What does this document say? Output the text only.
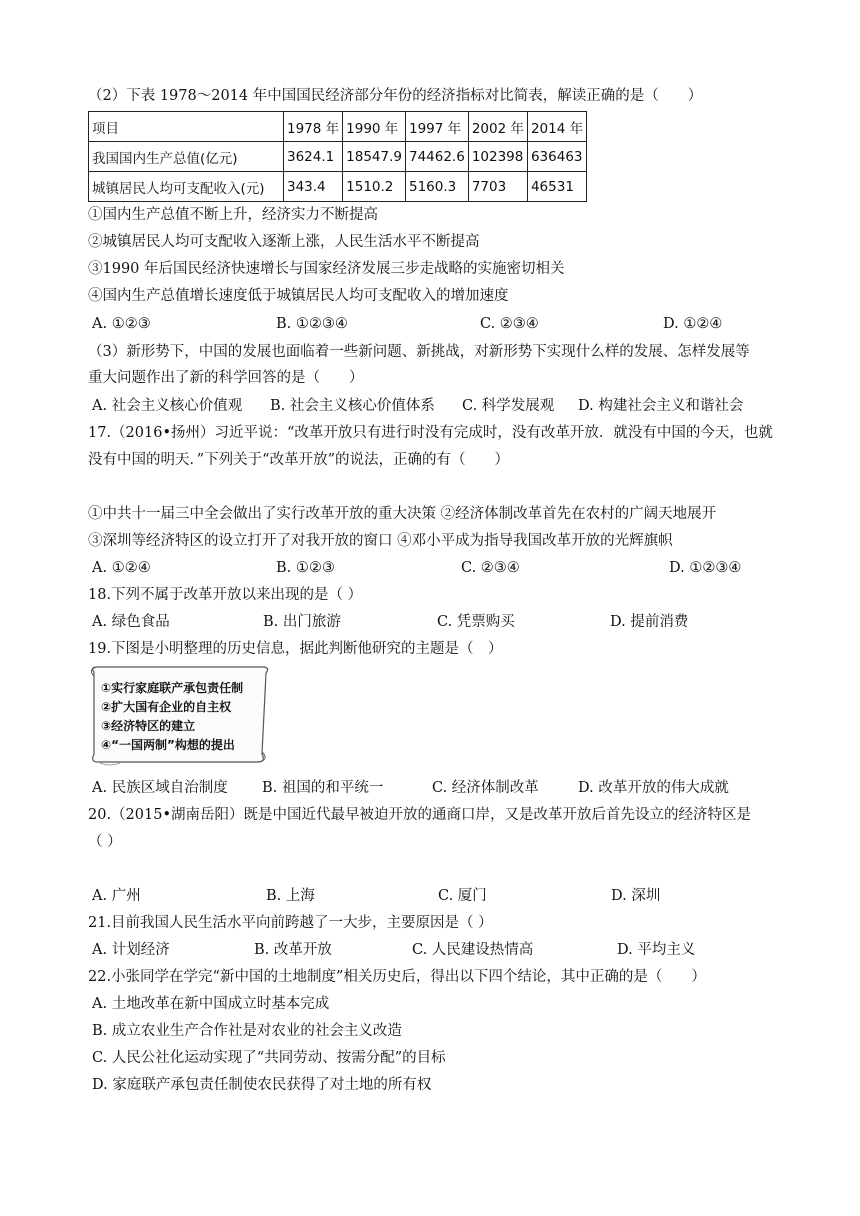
（2）下表 1978～2014 年中国国民经济部分年份的经济指标对比简表，解读正确的是（　　）
项目	1978 年	1990 年	1997 年	2002 年	2014 年
我国国内生产总值(亿元)	3624.1	18547.9	74462.6	102398	636463
城镇居民人均可支配收入(元)	343.4	1510.2	5160.3	7703	46531
①国内生产总值不断上升，经济实力不断提高
②城镇居民人均可支配收入逐渐上涨，人民生活水平不断提高
③1990 年后国民经济快速增长与国家经济发展三步走战略的实施密切相关
④国内生产总值增长速度低于城镇居民人均可支配收入的增加速度
A. ①②③	B. ①②③④	C. ②③④	D. ①②④
（3）新形势下，中国的发展也面临着一些新问题、新挑战，对新形势下实现什么样的发展、怎样发展等
重大问题作出了新的科学回答的是（　　）
A. 社会主义核心价值观 B. 社会主义核心价值体系 C. 科学发展观 D. 构建社会主义和谐社会
17.（2016•扬州）习近平说：“改革开放只有进行时没有完成时，没有改革开放．就没有中国的今天，也就
没有中国的明天．”下列关于“改革开放”的说法，正确的有（　　）
①中共十一届三中全会做出了实行改革开放的重大决策 ②经济体制改革首先在农村的广阔天地展开
③深圳等经济特区的设立打开了对我开放的窗口 ④邓小平成为指导我国改革开放的光辉旗帜
A. ①②④	B. ①②③	C. ②③④	D. ①②③④
18.下列不属于改革开放以来出现的是（ ）
A. 绿色食品	B. 出门旅游	C. 凭票购买	D. 提前消费
19.下图是小明整理的历史信息，据此判断他研究的主题是（　）
①实行家庭联产承包责任制
②扩大国有企业的自主权
③经济特区的建立
④“一国两制”构想的提出
A. 民族区域自治制度 B. 祖国的和平统一	C. 经济体制改革	D. 改革开放的伟大成就
20.（2015•湖南岳阳）既是中国近代最早被迫开放的通商口岸，又是改革开放后首先设立的经济特区是
（ ）
A. 广州	B. 上海	C. 厦门	D. 深圳
21.目前我国人民生活水平向前跨越了一大步，主要原因是（ ）
A. 计划经济	B. 改革开放	C. 人民建设热情高	D. 平均主义
22.小张同学在学完“新中国的土地制度”相关历史后，得出以下四个结论，其中正确的是（　　）
A. 土地改革在新中国成立时基本完成
B. 成立农业生产合作社是对农业的社会主义改造
C. 人民公社化运动实现了“共同劳动、按需分配”的目标
D. 家庭联产承包责任制使农民获得了对土地的所有权
